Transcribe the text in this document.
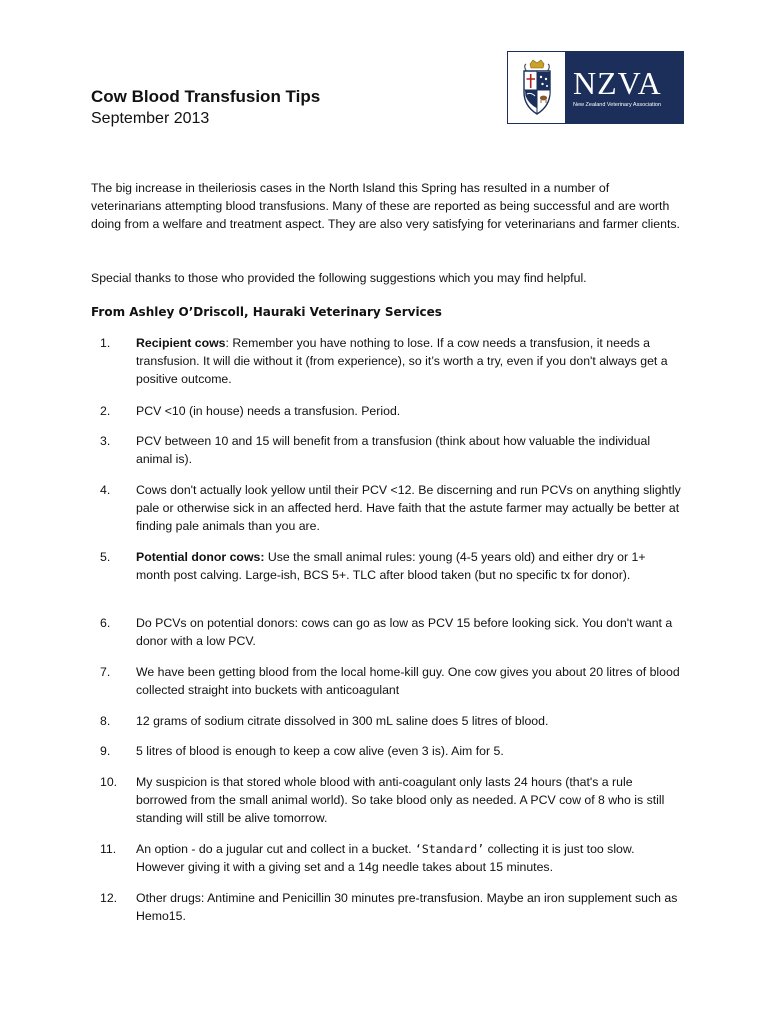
Cow Blood Transfusion Tips

September 2013

NZVA
New Zealand Veterinary Association

The big increase in theileriosis cases in the North Island this Spring has resulted in a number of veterinarians attempting blood transfusions. Many of these are reported as being successful and are worth doing from a welfare and treatment aspect. They are also very satisfying for veterinarians and farmer clients.

Special thanks to those who provided the following suggestions which you may find helpful.

From Ashley O’Driscoll, Hauraki Veterinary Services
1.	Recipient cows: Remember you have nothing to lose. If a cow needs a transfusion, it needs a transfusion. It will die without it (from experience), so it’s worth a try, even if you don't always get a positive outcome.
2.	PCV <10 (in house) needs a transfusion. Period.
3.	PCV between 10 and 15 will benefit from a transfusion (think about how valuable the individual animal is).
4.	Cows don't actually look yellow until their PCV <12. Be discerning and run PCVs on anything slightly pale or otherwise sick in an affected herd. Have faith that the astute farmer may actually be better at finding pale animals than you are.
5.	Potential donor cows: Use the small animal rules: young (4-5 years old) and either dry or 1+ month post calving. Large-ish, BCS 5+. TLC after blood taken (but no specific tx for donor).
6.	Do PCVs on potential donors: cows can go as low as PCV 15 before looking sick. You don't want a donor with a low PCV.
7.	We have been getting blood from the local home-kill guy. One cow gives you about 20 litres of blood collected straight into buckets with anticoagulant
8.	12 grams of sodium citrate dissolved in 300 mL saline does 5 litres of blood.
9.	5 litres of blood is enough to keep a cow alive (even 3 is). Aim for 5.
10.	My suspicion is that stored whole blood with anti-coagulant only lasts 24 hours (that's a rule borrowed from the small animal world). So take blood only as needed. A PCV cow of 8 who is still standing will still be alive tomorrow.
11.	An option - do a jugular cut and collect in a bucket. ‘Standard’ collecting it is just too slow. However giving it with a giving set and a 14g needle takes about 15 minutes.
12.	Other drugs: Antimine and Penicillin 30 minutes pre-transfusion. Maybe an iron supplement such as Hemo15.
